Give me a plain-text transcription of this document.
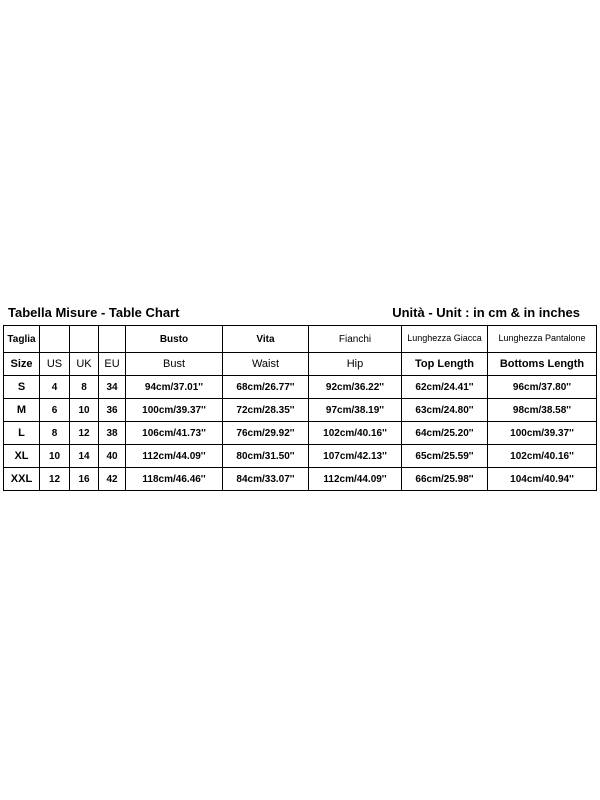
Tabella Misure - Table Chart	Unità - Unit : in cm & in inches
Taglia				Busto	Vita	Fianchi	Lunghezza Giacca	Lunghezza Pantalone
Size	US	UK	EU	Bust	Waist	Hip	Top Length	Bottoms Length
S	4	8	34	94cm/37.01''	68cm/26.77''	92cm/36.22''	62cm/24.41''	96cm/37.80''
M	6	10	36	100cm/39.37''	72cm/28.35''	97cm/38.19''	63cm/24.80''	98cm/38.58''
L	8	12	38	106cm/41.73''	76cm/29.92''	102cm/40.16''	64cm/25.20''	100cm/39.37''
XL	10	14	40	112cm/44.09''	80cm/31.50''	107cm/42.13''	65cm/25.59''	102cm/40.16''
XXL	12	16	42	118cm/46.46''	84cm/33.07''	112cm/44.09''	66cm/25.98''	104cm/40.94''
